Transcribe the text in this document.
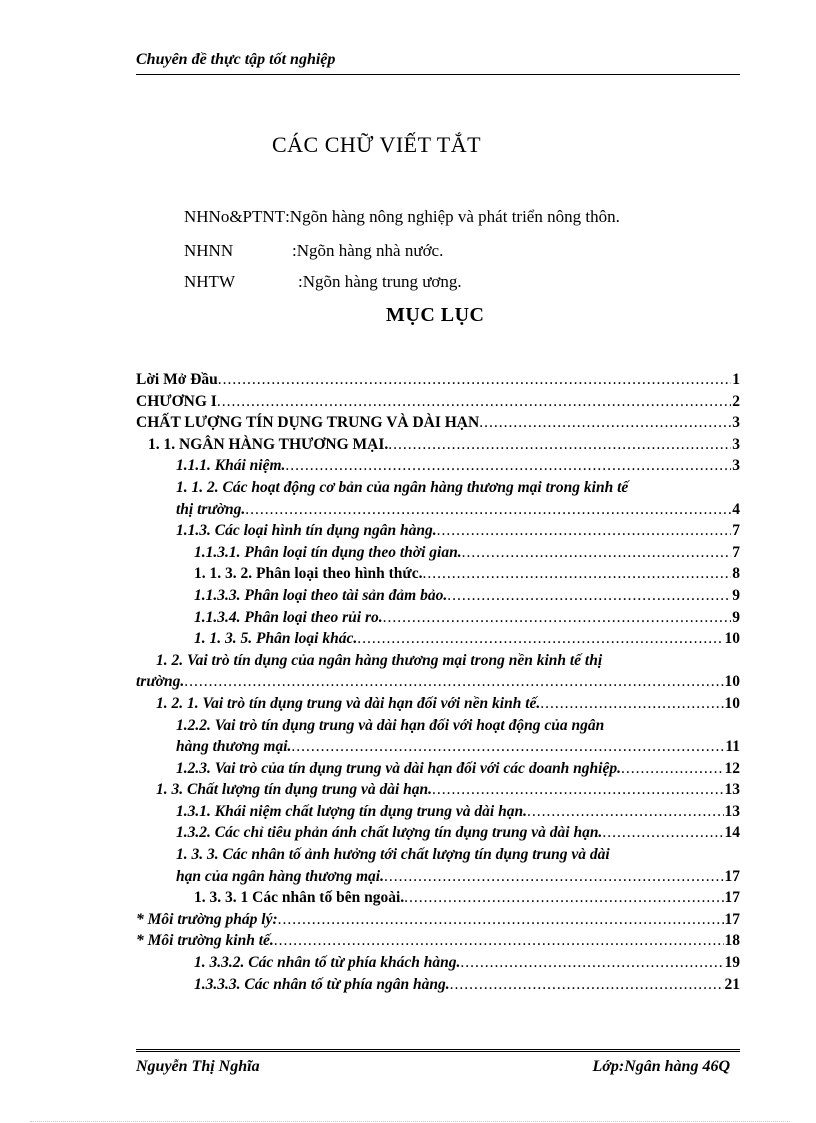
Chuyên đề thực tập tốt nghiệp
CÁC CHỮ VIẾT TẮT
NHNo&PTNT:Ngõn hàng nông nghiệp và phát triển nông thôn.
NHNN	:Ngõn hàng nhà nước.
NHTW	:Ngõn hàng trung ương.
MỤC LỤC
Lời Mở Đầu .....	1
CHƯƠNG I .....	2
CHẤT LƯỢNG TÍN DỤNG TRUNG VÀ DÀI HẠN .....	3
1. 1. NGÂN HÀNG THƯƠNG MẠI. .....	3
1.1.1. Khái niệm. .....	3
1. 1. 2. Các hoạt động cơ bản của ngân hàng thương mại trong kinh tế
thị trường. .....	4
1.1.3. Các loại hình tín dụng ngân hàng. .....	7
1.1.3.1. Phân loại tín dụng theo thời gian. .....	7
1. 1. 3. 2. Phân loại theo hình thức. .....	8
1.1.3.3. Phân loại theo tài sản đảm bảo. .....	9
1.1.3.4. Phân loại theo rủi ro. .....	9
1. 1. 3. 5. Phân loại khác. .....	10
1. 2. Vai trò tín dụng của ngân hàng thương mại trong nền kinh tế thị
trường. .....	10
1. 2. 1. Vai trò tín dụng trung và dài hạn đối với nền kinh tế. .....	10
1.2.2. Vai trò tín dụng trung và dài hạn đối với hoạt động của ngân
hàng thương mại. .....	11
1.2.3. Vai trò của tín dụng trung và dài hạn đối với các doanh nghiệp. .....	12
1. 3. Chất lượng tín dụng trung và dài hạn. .....	13
1.3.1. Khái niệm chất lượng tín dụng trung và dài hạn. .....	13
1.3.2. Các chỉ tiêu phản ánh chất lượng tín dụng trung và dài hạn. .....	14
1. 3. 3. Các nhân tố ảnh hưởng tới chất lượng tín dụng trung và dài
hạn của ngân hàng thương mại. .....	17
1. 3. 3. 1 Các nhân tố bên ngoài. .....	17
* Môi trường pháp lý: .....	17
* Môi trường kinh tế. .....	18
1. 3.3.2. Các nhân tố từ phía khách hàng. .....	19
1.3.3.3. Các nhân tố từ phía ngân hàng. .....	21
Nguyễn Thị Nghĩa	Lớp:Ngân hàng 46Q
